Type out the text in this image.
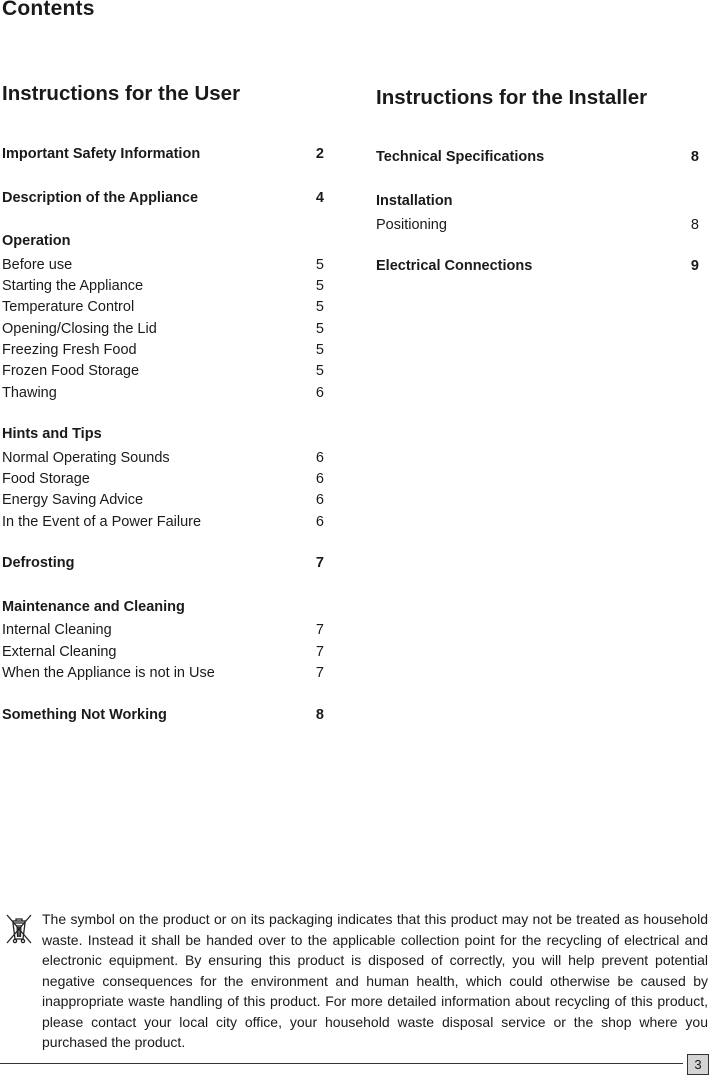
Contents
Instructions for the User
Important Safety Information	2
Description of the Appliance	4
Operation
Before use	5
Starting the Appliance	5
Temperature Control	5
Opening/Closing the Lid	5
Freezing Fresh Food	5
Frozen Food Storage	5
Thawing	6
Hints and Tips
Normal Operating Sounds	6
Food Storage	6
Energy Saving Advice	6
In the Event of a Power Failure	6
Defrosting	7
Maintenance and Cleaning
Internal Cleaning	7
External Cleaning	7
When the Appliance is not in Use	7
Something Not Working	8
Instructions for the Installer
Technical Specifications	8
Installation
Positioning	8
Electrical Connections	9
The symbol on the product or on its packaging indicates that this product may not be treated as household waste. Instead it shall be handed over to the applicable collection point for the recycling of electrical and electronic equipment. By ensuring this product is disposed of correctly, you will help prevent potential negative consequences for the environment and human health, which could otherwise be caused by inappropriate waste handling of this product. For more detailed information about recycling of this product, please contact your local city office, your household waste disposal service or the shop where you purchased the product.
3
